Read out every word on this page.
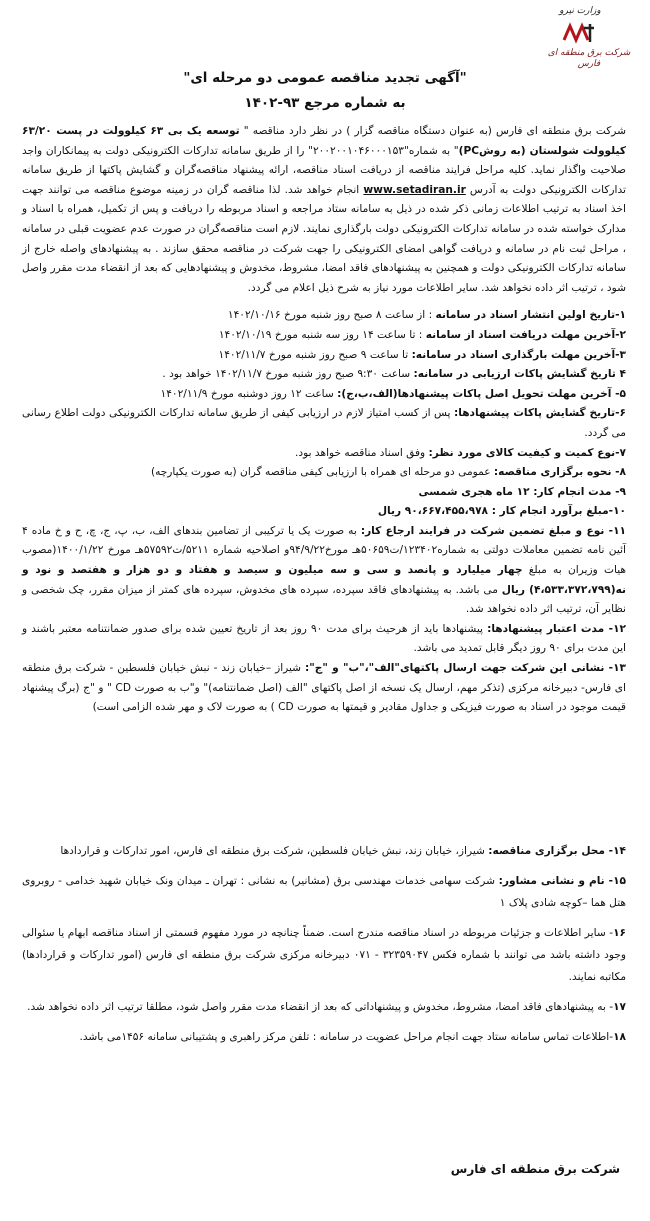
وزارت نیرو
شرکت برق منطقه ای فارس
"آگهی تجدید مناقصه عمومی دو مرحله ای"
به شماره مرجع ۹۳-۱۴۰۲

شرکت برق منطقه ای فارس (به عنوان دستگاه مناقصه گزار ) در نظر دارد مناقصه " توسعه یک بی ۶۳ کیلوولت در پست ۶۳/۲۰ کیلوولت شولستان (به روشPC)" به شماره"۲۰۰۲۰۰۱۰۴۶۰۰۰۱۵۳" را از طریق سامانه تدارکات الکترونیکی دولت به پیمانکاران واجد صلاحیت واگذار نماید. کلیه مراحل فرایند مناقصه از دریافت اسناد مناقصه، ارائه پیشنهاد مناقصه‌گران و گشایش پاکتها از طریق سامانه تدارکات الکترونیکی دولت به آدرس www.setadiran.ir انجام خواهد شد. لذا مناقصه گران در زمینه موضوع مناقصه می توانند جهت اخذ اسناد به ترتیب اطلاعات زمانی ذکر شده در ذیل به سامانه ستاد مراجعه و اسناد مربوطه را دریافت و پس از تکمیل، همراه با اسناد و مدارک خواسته شده در سامانه تدارکات الکترونیکی دولت بارگذاری نمایند. لازم است مناقصه‌گران در صورت عدم عضویت قبلی در سامانه ، مراحل ثبت نام در سامانه و دریافت گواهی امضای الکترونیکی را جهت شرکت در مناقصه محقق سازند . به پیشنهادهای واصله خارج از سامانه تدارکات الکترونیکی دولت و همچنین به پیشنهادهای فاقد امضا، مشروط، مخدوش و پیشنهادهایی که بعد از انقضاء مدت مقرر واصل شود ، ترتیب اثر داده نخواهد شد. سایر اطلاعات مورد نیاز به شرح ذیل اعلام می گردد.

۱-تاریخ اولین انتشار اسناد در سامانه : از ساعت ۸ صبح روز شنبه مورخ ۱۴۰۲/۱۰/۱۶

۲-آخرین مهلت دریافت اسناد از سامانه : تا ساعت ۱۴ روز سه شنبه مورخ ۱۴۰۲/۱۰/۱۹

۳-آخرین مهلت بارگذاری اسناد در سامانه: تا ساعت ۹ صبح روز شنبه مورخ ۱۴۰۲/۱۱/۷

۴ تاریخ گشایش پاکات ارزیابی در سامانه: ساعت ۹:۳۰ صبح روز شنبه مورخ ۱۴۰۲/۱۱/۷ خواهد بود .

۵- آخرین مهلت تحویل اصل پاکات پیشنهادها(الف،ب،ج): ساعت ۱۲ روز دوشنبه مورخ ۱۴۰۲/۱۱/۹

۶-تاریخ گشایش پاکات پیشنهادها: پس از کسب امتیاز لازم در ارزیابی کیفی از طریق سامانه تدارکات الکترونیکی دولت اطلاع رسانی می گردد.

۷-نوع کمیت و کیفیت کالای مورد نظر: وفق اسناد مناقصه خواهد بود.

۸- نحوه برگزاری مناقصه: عمومی دو مرحله ای همراه با ارزیابی کیفی مناقصه گران (به صورت یکپارچه)

۹- مدت انجام کار: ۱۲ ماه هجری شمسی

۱۰-مبلغ برآورد انجام کار : ۹۰،۶۶۷،۴۵۵،۹۷۸ ریال

۱۱- نوع و مبلغ تضمین شرکت در فرایند ارجاع کار: به صورت یک یا ترکیبی از تضامین بندهای الف، ب، پ، ج، چ، ح و خ ماده ۴ آئین نامه تضمین معاملات دولتی به شماره۱۲۳۴۰۲/ت۵۰۶۵۹هـ مورخ۹۴/۹/۲۲و اصلاحیه شماره ۵۲۱۱/ت۵۷۵۹۲هـ مورخ ۱۴۰۰/۱/۲۲(مصوب هیات وزیران به مبلغ چهار میلیارد و پانصد و سی و سه میلیون و سیصد و هفتاد و دو هزار و هفتصد و نود و نه(۴،۵۳۳،۳۷۲،۷۹۹) ریال می باشد. به پیشنهادهای فاقد سپرده، سپرده های مخدوش، سپرده های کمتر از میزان مقرر، چک شخصی و نظایر آن، ترتیب اثر داده نخواهد شد.

۱۲- مدت اعتبار پیشنهادها: پیشنهادها باید از هرحیث برای مدت ۹۰ روز بعد از تاریخ تعیین شده برای صدور ضمانتنامه معتبر باشند و این مدت برای ۹۰ روز دیگر قابل تمدید می باشد.

۱۳- نشانی این شرکت جهت ارسال پاکتهای"الف"،"ب" و "ج": شیراز –خیابان زند - نبش خیابان فلسطین - شرکت برق منطقه ای فارس- دبیرخانه مرکزی (تذکر مهم، ارسال یک نسخه از اصل پاکتهای "الف (اصل ضمانتنامه)" و"ب به صورت CD " و "ج (برگ پیشنهاد قیمت موجود در اسناد به صورت فیزیکی و جداول مقادیر و قیمتها به صورت CD ) به صورت لاک و مهر شده الزامی است)

۱۴- محل برگزاری مناقصه: شیراز، خیابان زند، نبش خیابان فلسطین، شرکت برق منطقه ای فارس، امور تدارکات و قراردادها

۱۵- نام و نشانی مشاور: شرکت سهامی خدمات مهندسی برق (مشانیر) به نشانی : تهران ـ میدان ونک خیابان شهید خدامی - روبروی هتل هما –کوچه شادی پلاک ۱

۱۶- سایر اطلاعات و جزئیات مربوطه در اسناد مناقصه مندرج است. ضمناً چنانچه در مورد مفهوم قسمتی از اسناد مناقصه ابهام یا سئوالی وجود داشته باشد می توانند با شماره فکس ۳۲۳۵۹۰۴۷ - ۰۷۱ دبیرخانه مرکزی شرکت برق منطقه ای فارس (امور تدارکات و قراردادها) مکاتبه نمایند.

۱۷- به پیشنهادهای فاقد امضا، مشروط، مخدوش و پیشنهاداتی که بعد از انقضاء مدت مقرر واصل شود، مطلقا ترتیب اثر داده نخواهد شد.

۱۸-اطلاعات تماس سامانه ستاد جهت انجام مراحل عضویت در سامانه : تلفن مرکز راهبری و پشتیبانی سامانه ۱۴۵۶می باشد.

شرکت برق منطقه ای فارس
